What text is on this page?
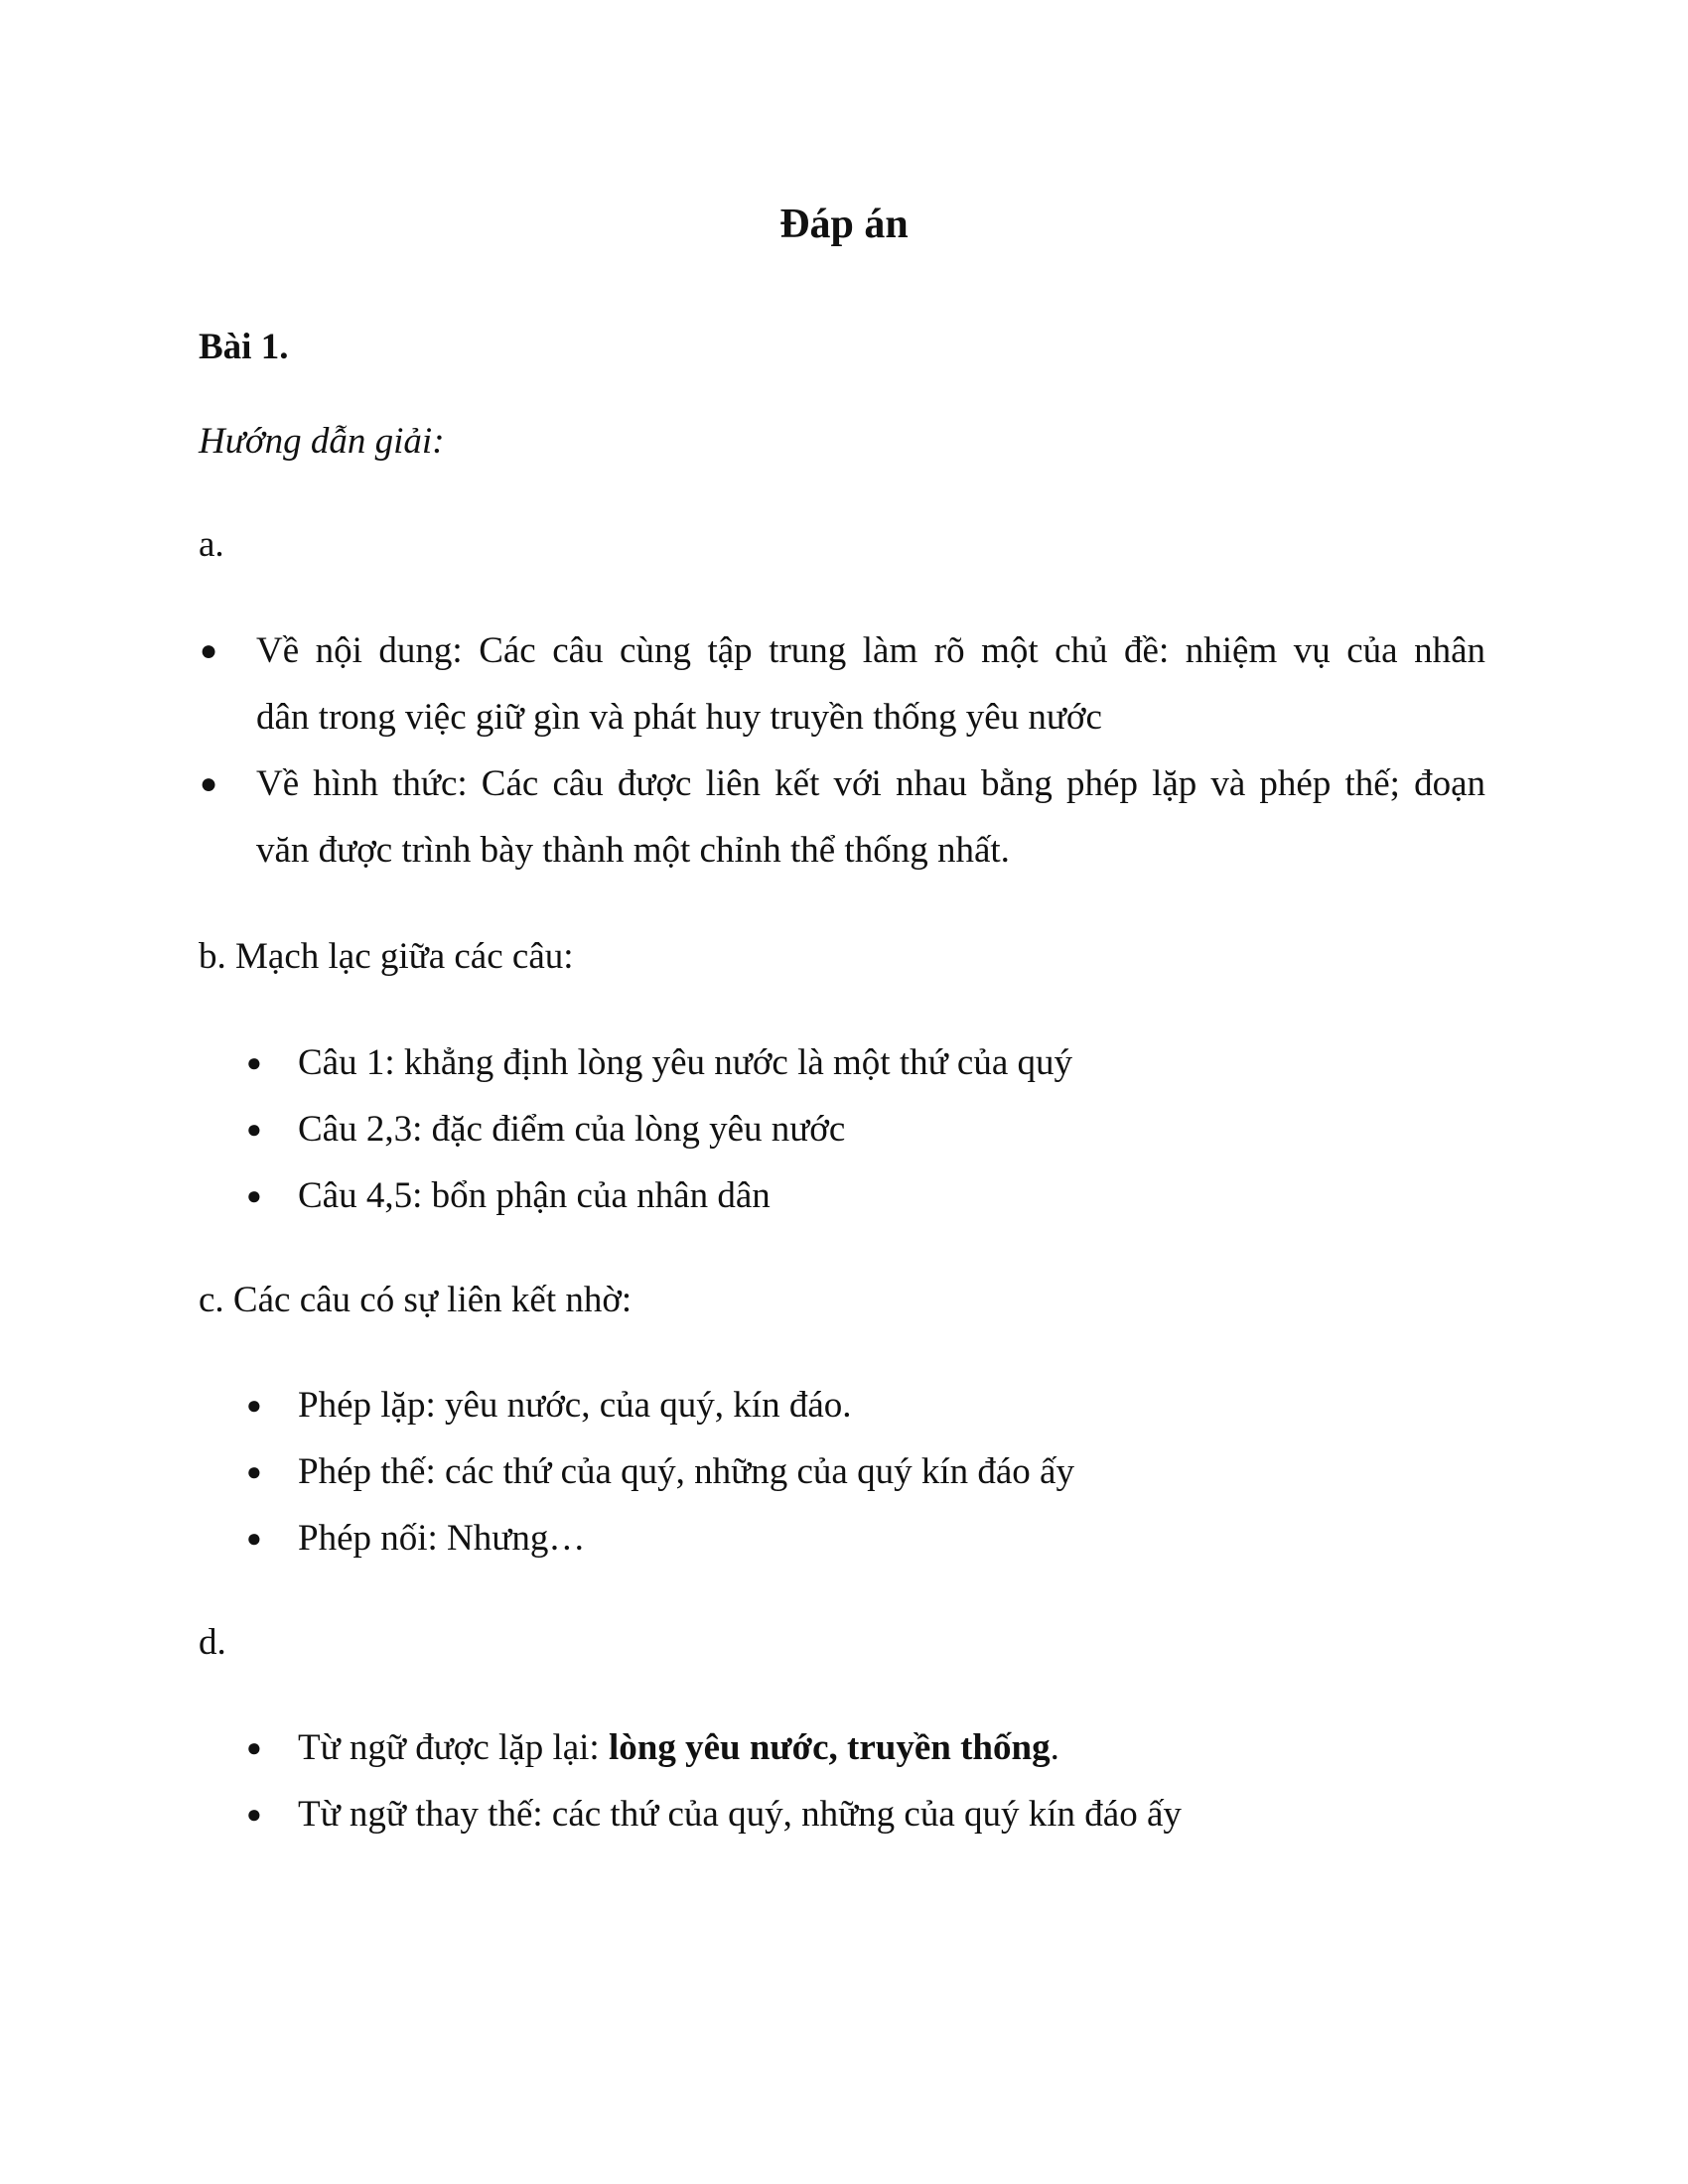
Đáp án
Bài 1.
Hướng dẫn giải:
a.
● Về nội dung: Các câu cùng tập trung làm rõ một chủ đề: nhiệm vụ của nhân
dân trong việc giữ gìn và phát huy truyền thống yêu nước
● Về hình thức: Các câu được liên kết với nhau bằng phép lặp và phép thế; đoạn
văn được trình bày thành một chỉnh thể thống nhất.
b. Mạch lạc giữa các câu:
● Câu 1: khẳng định lòng yêu nước là một thứ của quý
● Câu 2,3: đặc điểm của lòng yêu nước
● Câu 4,5: bổn phận của nhân dân
c. Các câu có sự liên kết nhờ:
● Phép lặp: yêu nước, của quý, kín đáo.
● Phép thế: các thứ của quý, những của quý kín đáo ấy
● Phép nối: Nhưng…
d.
● Từ ngữ được lặp lại: lòng yêu nước, truyền thống.
● Từ ngữ thay thế: các thứ của quý, những của quý kín đáo ấy
